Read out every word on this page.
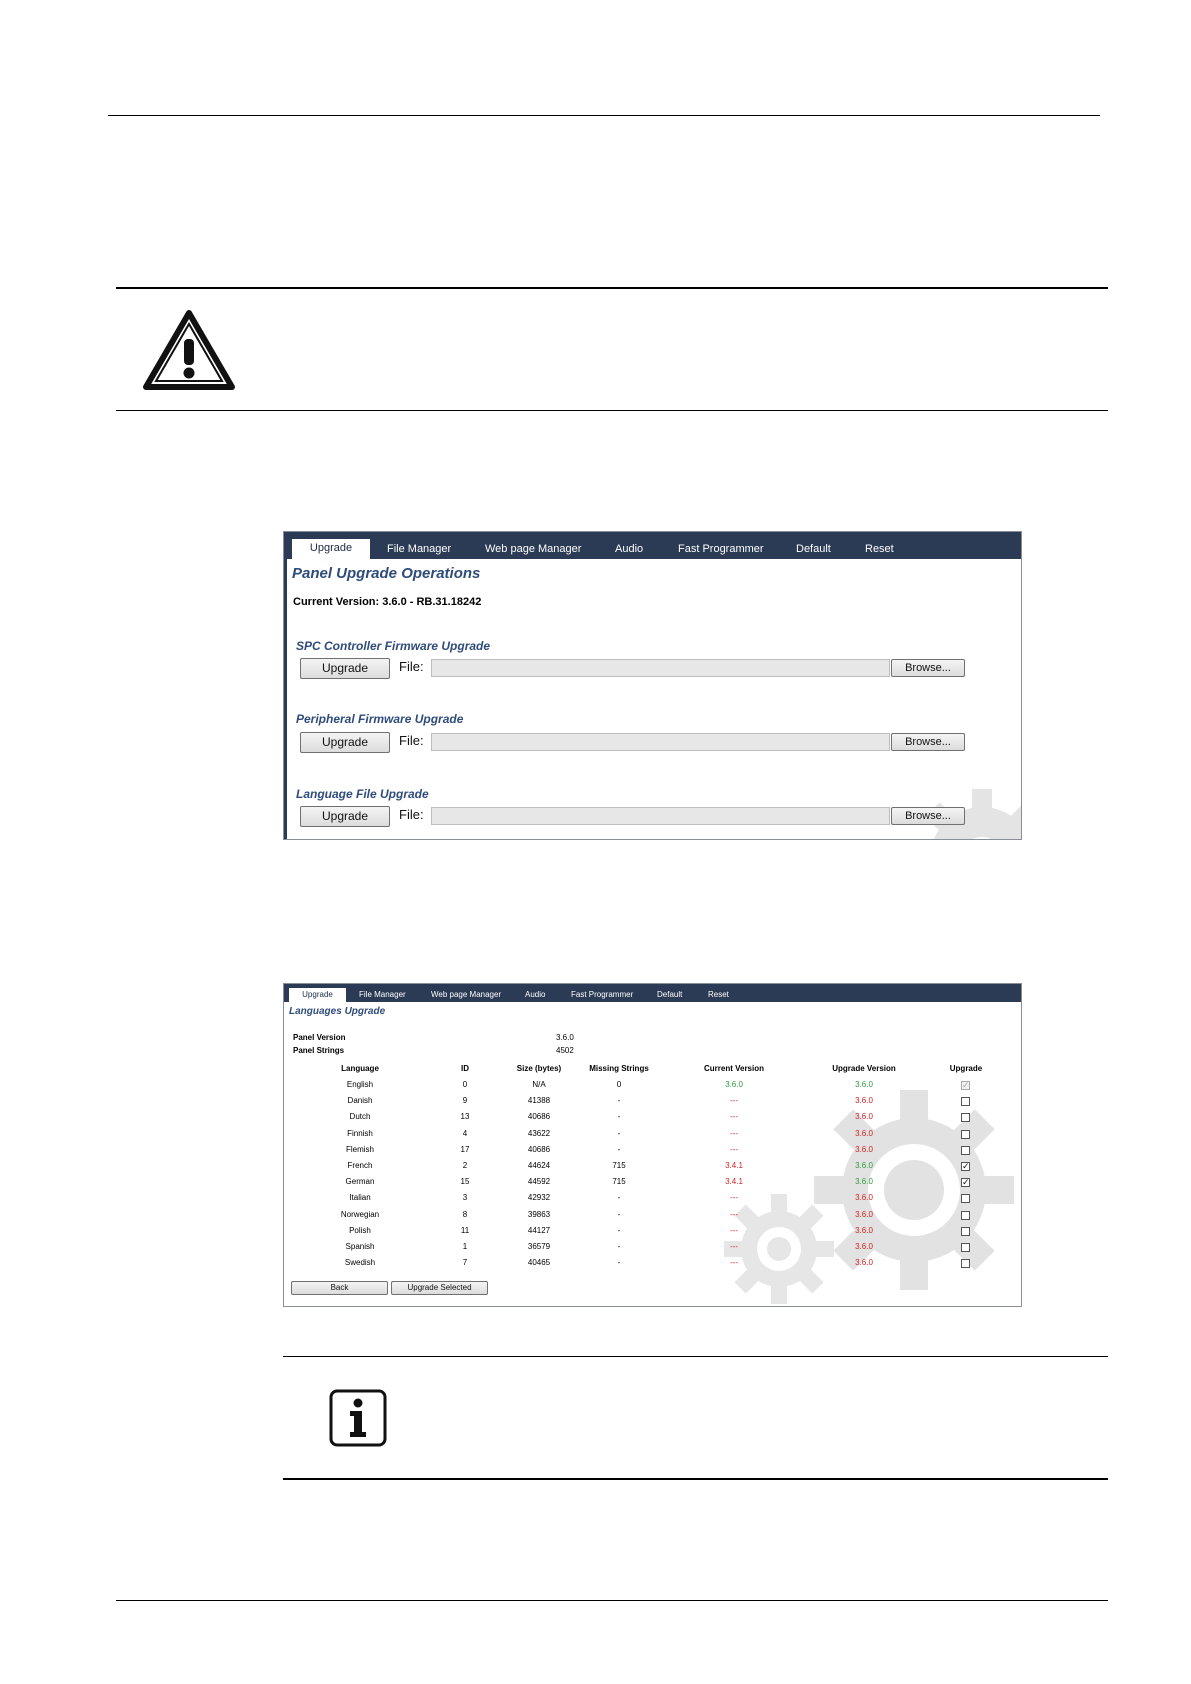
Upgrade	File Manager	Web page Manager	Audio	Fast Programmer	Default	Reset
Panel Upgrade Operations
Current Version: 3.6.0 - RB.31.18242
SPC Controller Firmware Upgrade
Upgrade	File:	Browse...
Peripheral Firmware Upgrade
Upgrade	File:	Browse...
Language File Upgrade
Upgrade	File:	Browse...
Upgrade	File Manager	Web page Manager	Audio	Fast Programmer	Default	Reset
Languages Upgrade
Panel Version	3.6.0
Panel Strings	4502
Language	ID	Size (bytes)	Missing Strings	Current Version	Upgrade Version	Upgrade
English	0	N/A	0	3.6.0	3.6.0	✓
Danish	9	41388	-	---	3.6.0
Dutch	13	40686	-	---	3.6.0
Finnish	4	43622	-	---	3.6.0
Flemish	17	40686	-	---	3.6.0
French	2	44624	715	3.4.1	3.6.0	✓
German	15	44592	715	3.4.1	3.6.0	✓
Italian	3	42932	-	---	3.6.0
Norwegian	8	39863	-	---	3.6.0
Polish	11	44127	-	---	3.6.0
Spanish	1	36579	-	---	3.6.0
Swedish	7	40465	-	---	3.6.0
Back	Upgrade Selected
